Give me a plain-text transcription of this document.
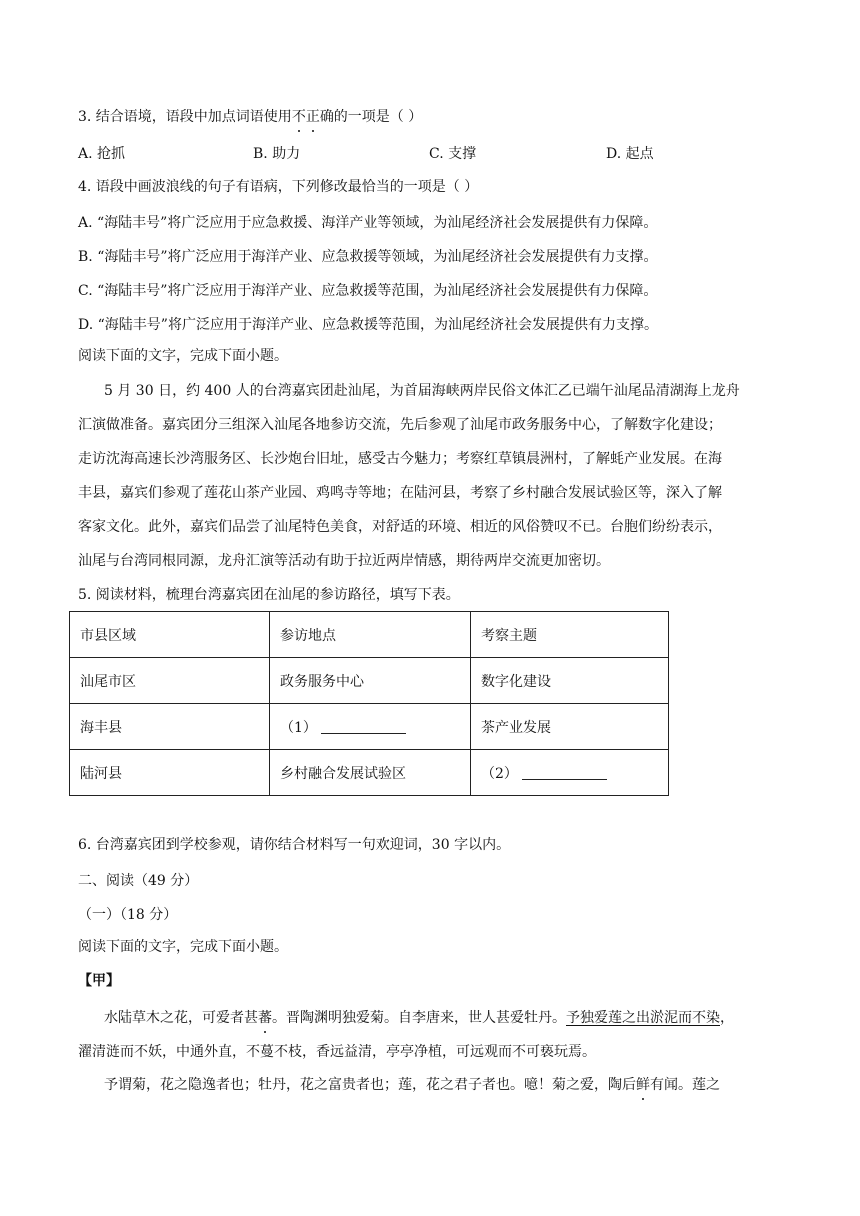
3. 结合语境，语段中加点词语使用不正确的一项是（ ）
A. 抢抓	B. 助力	C. 支撑	D. 起点
4. 语段中画波浪线的句子有语病，下列修改最恰当的一项是（ ）
A. “海陆丰号”将广泛应用于应急救援、海洋产业等领域，为汕尾经济社会发展提供有力保障。
B. “海陆丰号”将广泛应用于海洋产业、应急救援等领域，为汕尾经济社会发展提供有力支撑。
C. “海陆丰号”将广泛应用于海洋产业、应急救援等范围，为汕尾经济社会发展提供有力保障。
D. “海陆丰号”将广泛应用于海洋产业、应急救援等范围，为汕尾经济社会发展提供有力支撑。
阅读下面的文字，完成下面小题。
5 月 30 日，约 400 人的台湾嘉宾团赴汕尾，为首届海峡两岸民俗文体汇乙已端午汕尾品清湖海上龙舟
汇演做准备。嘉宾团分三组深入汕尾各地参访交流，先后参观了汕尾市政务服务中心，了解数字化建设；
走访沈海高速长沙湾服务区、长沙炮台旧址，感受古今魅力；考察红草镇晨洲村，了解蚝产业发展。在海
丰县，嘉宾们参观了莲花山茶产业园、鸡鸣寺等地；在陆河县，考察了乡村融合发展试验区等，深入了解
客家文化。此外，嘉宾们品尝了汕尾特色美食，对舒适的环境、相近的风俗赞叹不已。台胞们纷纷表示，
汕尾与台湾同根同源，龙舟汇演等活动有助于拉近两岸情感，期待两岸交流更加密切。
5. 阅读材料，梳理台湾嘉宾团在汕尾的参访路径，填写下表。
市县区域	参访地点	考察主题
汕尾市区	政务服务中心	数字化建设
海丰县	（1）	茶产业发展
陆河县	乡村融合发展试验区	（2）
6. 台湾嘉宾团到学校参观，请你结合材料写一句欢迎词，30 字以内。
二、阅读（49 分）
（一）（18 分）
阅读下面的文字，完成下面小题。
【甲】
水陆草木之花，可爱者甚蕃。晋陶渊明独爱菊。自李唐来，世人甚爱牡丹。予独爱莲之出淤泥而不染，
濯清涟而不妖，中通外直，不蔓不枝，香远益清，亭亭净植，可远观而不可亵玩焉。
予谓菊，花之隐逸者也；牡丹，花之富贵者也；莲，花之君子者也。噫！菊之爱，陶后鲜有闻。莲之
